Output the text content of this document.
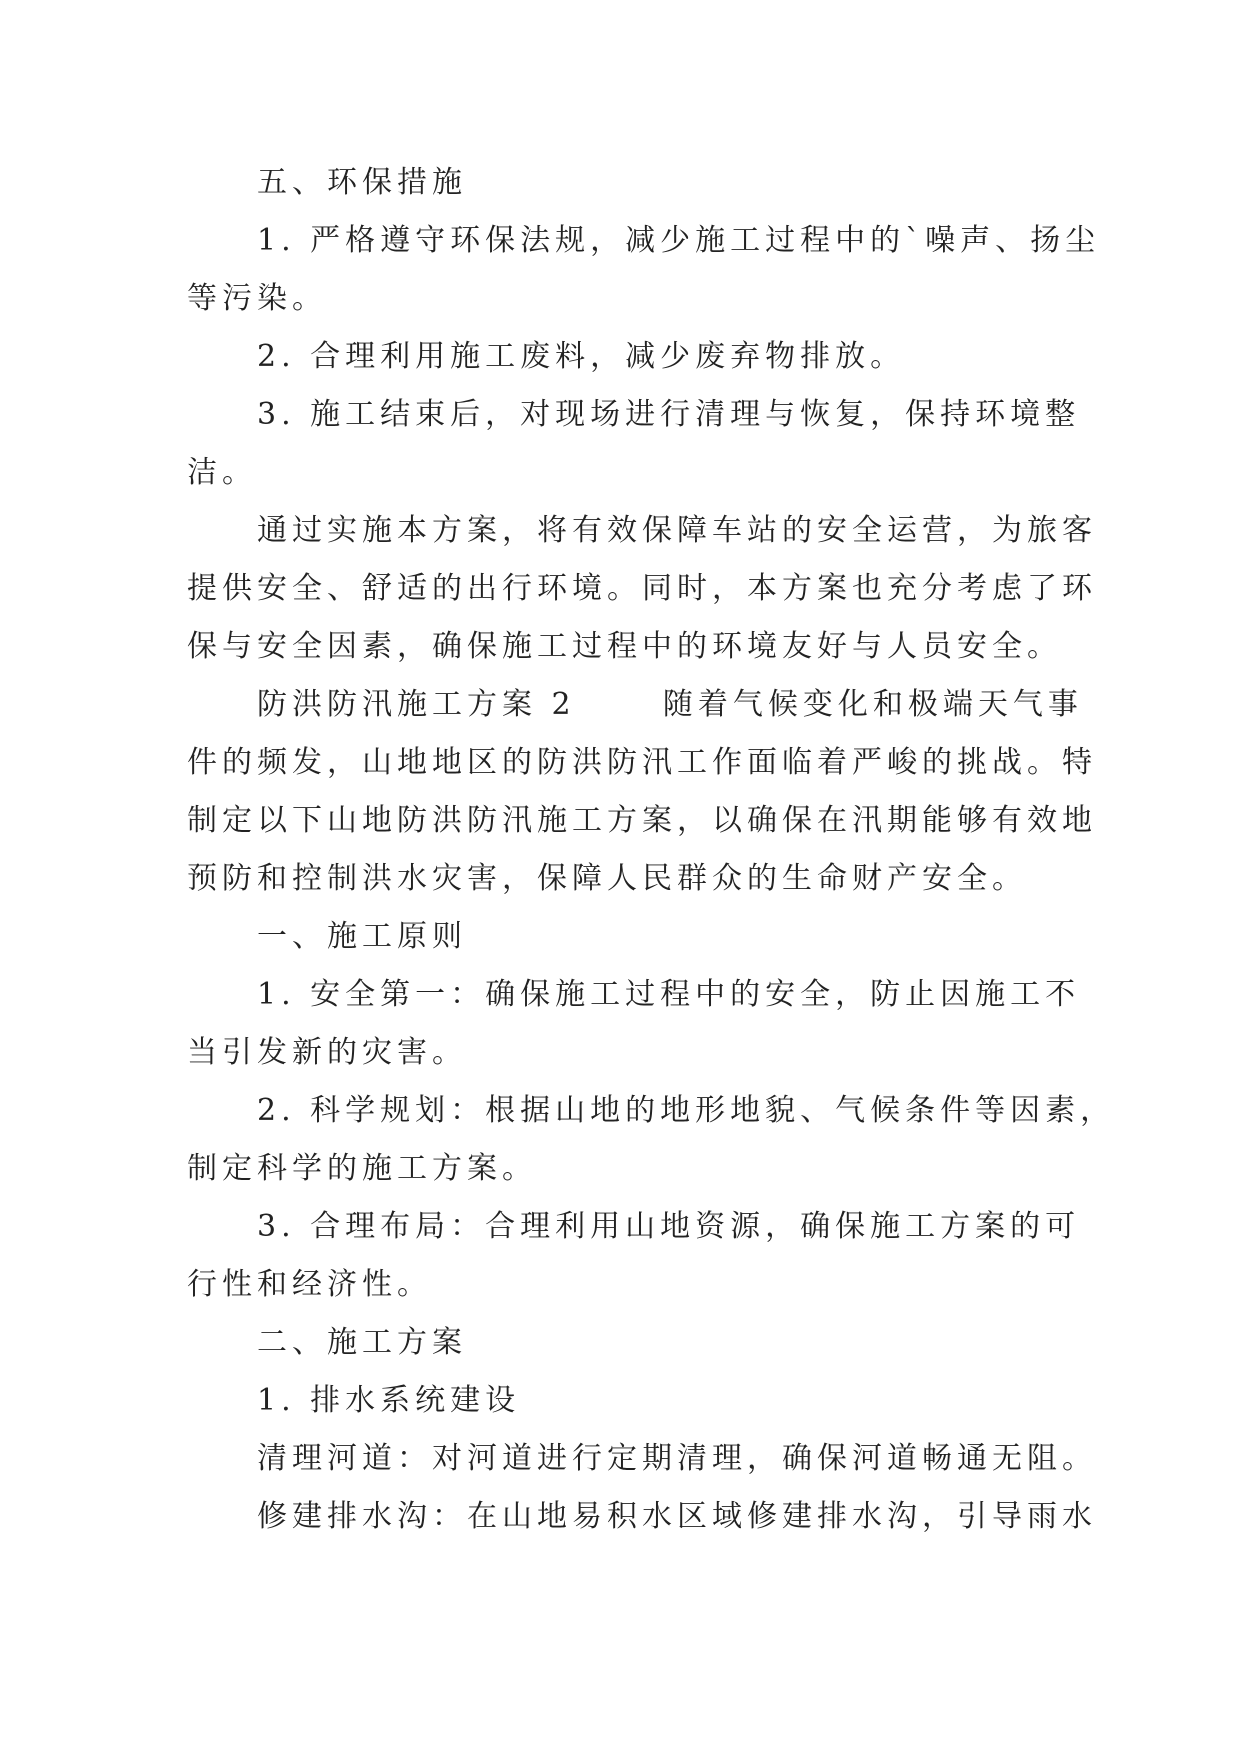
五、环保措施
1. 严格遵守环保法规，减少施工过程中的`噪声、扬尘
等污染。
2. 合理利用施工废料，减少废弃物排放。
3. 施工结束后，对现场进行清理与恢复，保持环境整
洁。
通过实施本方案，将有效保障车站的安全运营，为旅客
提供安全、舒适的出行环境。同时，本方案也充分考虑了环
保与安全因素，确保施工过程中的环境友好与人员安全。
防洪防汛施工方案 2      随着气候变化和极端天气事
件的频发，山地地区的防洪防汛工作面临着严峻的挑战。特
制定以下山地防洪防汛施工方案，以确保在汛期能够有效地
预防和控制洪水灾害，保障人民群众的生命财产安全。
一、施工原则
1. 安全第一：确保施工过程中的安全，防止因施工不
当引发新的灾害。
2. 科学规划：根据山地的地形地貌、气候条件等因素，
制定科学的施工方案。
3. 合理布局：合理利用山地资源，确保施工方案的可
行性和经济性。
二、施工方案
1. 排水系统建设
清理河道：对河道进行定期清理，确保河道畅通无阻。
修建排水沟：在山地易积水区域修建排水沟，引导雨水
